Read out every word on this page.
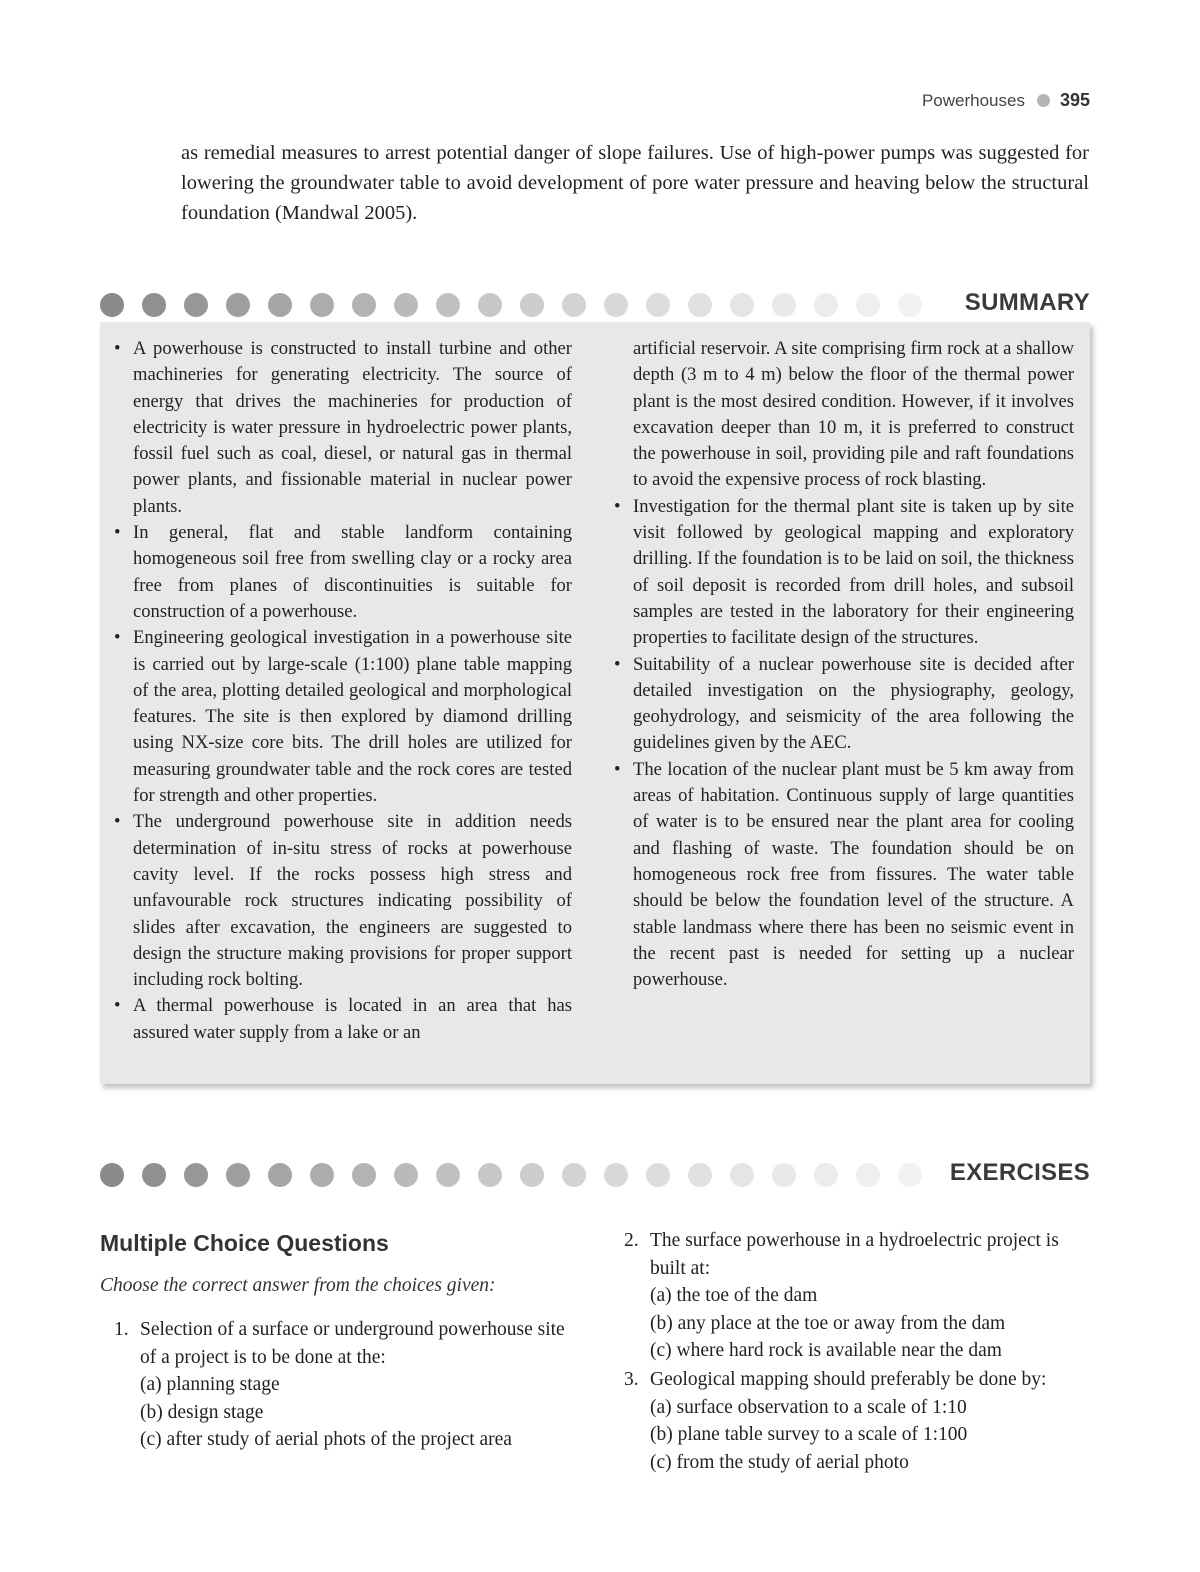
Powerhouses 395

as remedial measures to arrest potential danger of slope failures. Use of high-power pumps was suggested for lowering the groundwater table to avoid development of pore water pressure and heaving below the structural foundation (Mandwal 2005).

SUMMARY
• A powerhouse is constructed to install turbine and other machineries for generating electricity. The source of energy that drives the machineries for production of electricity is water pressure in hydroelectric power plants, fossil fuel such as coal, diesel, or natural gas in thermal power plants, and fissionable material in nuclear power plants.
• In general, flat and stable landform containing homogeneous soil free from swelling clay or a rocky area free from planes of discontinuities is suitable for construction of a powerhouse.
• Engineering geological investigation in a powerhouse site is carried out by large-scale (1:100) plane table mapping of the area, plotting detailed geological and morphological features. The site is then explored by diamond drilling using NX-size core bits. The drill holes are utilized for measuring groundwater table and the rock cores are tested for strength and other properties.
• The underground powerhouse site in addition needs determination of in-situ stress of rocks at powerhouse cavity level. If the rocks possess high stress and unfavourable rock structures indicating possibility of slides after excavation, the engineers are suggested to design the structure making provisions for proper support including rock bolting.
• A thermal powerhouse is located in an area that has assured water supply from a lake or an
artificial reservoir. A site comprising firm rock at a shallow depth (3 m to 4 m) below the floor of the thermal power plant is the most desired condition. However, if it involves excavation deeper than 10 m, it is preferred to construct the powerhouse in soil, providing pile and raft foundations to avoid the expensive process of rock blasting.
• Investigation for the thermal plant site is taken up by site visit followed by geological mapping and exploratory drilling. If the foundation is to be laid on soil, the thickness of soil deposit is recorded from drill holes, and subsoil samples are tested in the laboratory for their engineering properties to facilitate design of the structures.
• Suitability of a nuclear powerhouse site is decided after detailed investigation on the physiography, geology, geohydrology, and seismicity of the area following the guidelines given by the AEC.
• The location of the nuclear plant must be 5 km away from areas of habitation. Continuous supply of large quantities of water is to be ensured near the plant area for cooling and flashing of waste. The foundation should be on homogeneous rock free from fissures. The water table should be below the foundation level of the structure. A stable landmass where there has been no seismic event in the recent past is needed for setting up a nuclear powerhouse.
EXERCISES
Multiple Choice Questions

Choose the correct answer from the choices given:

1. Selection of a surface or underground powerhouse site of a project is to be done at the:
(a) planning stage
(b) design stage
(c) after study of aerial phots of the project area
2. The surface powerhouse in a hydroelectric project is built at:
(a) the toe of the dam
(b) any place at the toe or away from the dam
(c) where hard rock is available near the dam
3. Geological mapping should preferably be done by:
(a) surface observation to a scale of 1:10
(b) plane table survey to a scale of 1:100
(c) from the study of aerial photo
